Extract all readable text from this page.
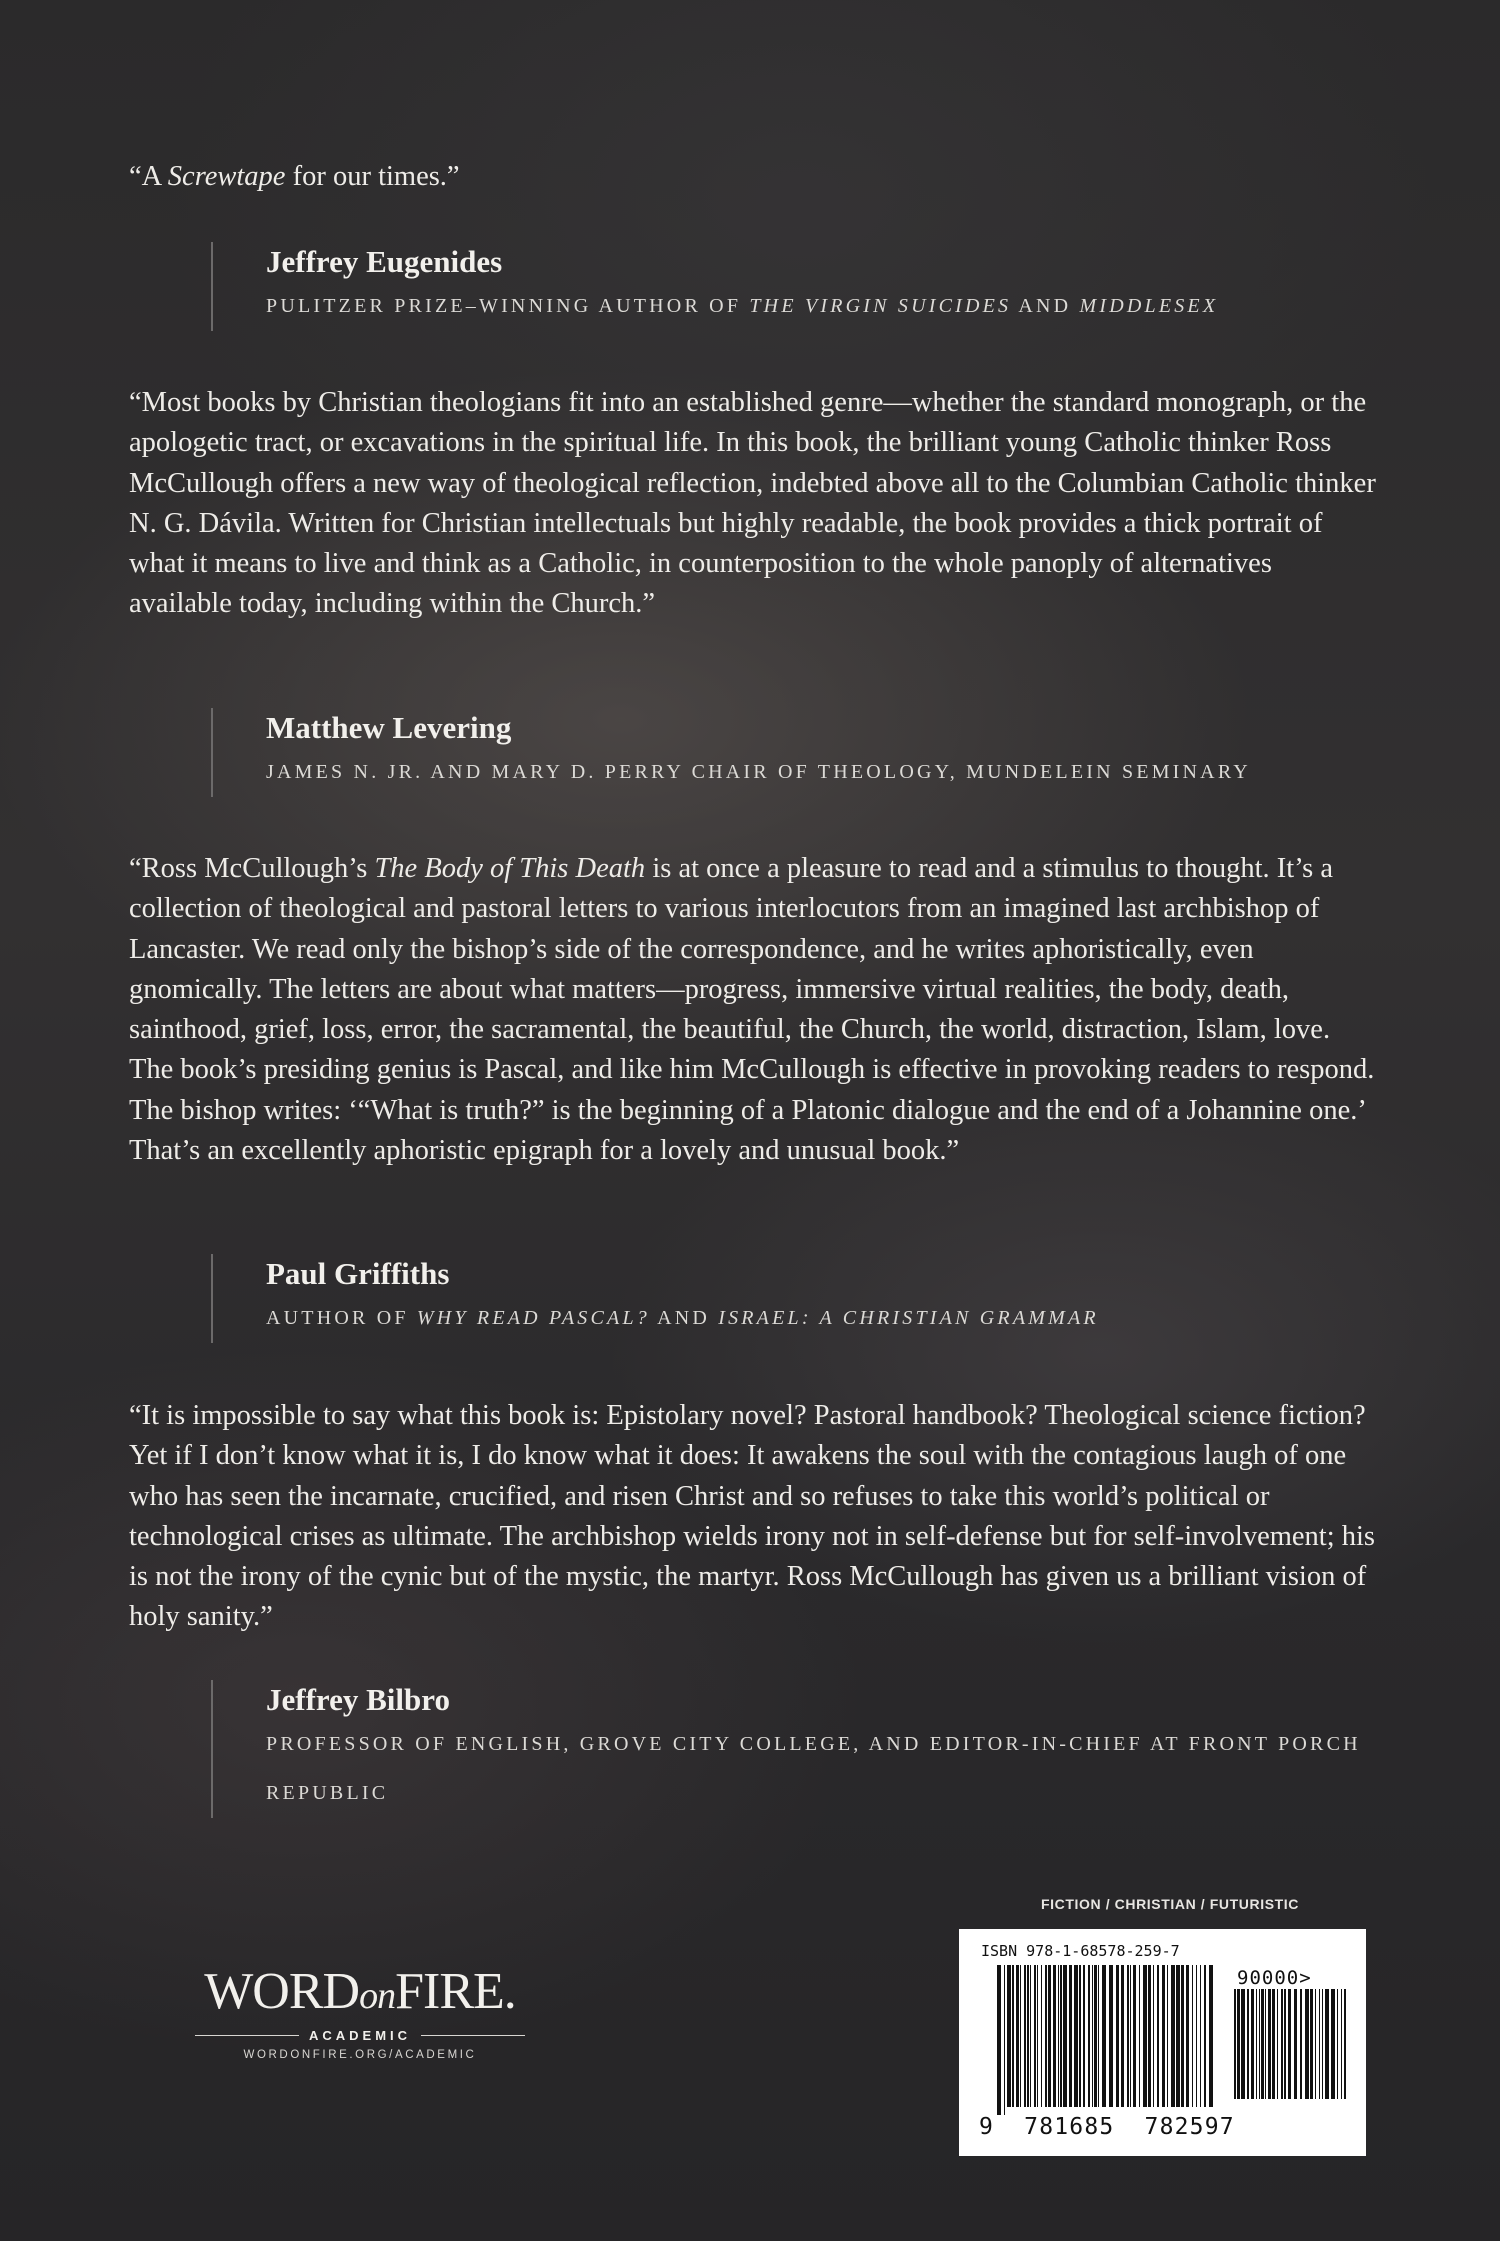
“A Screwtape for our times.”

Jeffrey Eugenides

PULITZER PRIZE–WINNING AUTHOR OF THE VIRGIN SUICIDES AND MIDDLESEX

“Most books by Christian theologians fit into an established genre—whether the standard monograph, or the apologetic tract, or excavations in the spiritual life. In this book, the brilliant young Catholic thinker Ross McCullough offers a new way of theological reflection, indebted above all to the Columbian Catholic thinker N. G. Dávila. Written for Christian intellectuals but highly readable, the book provides a thick portrait of what it means to live and think as a Catholic, in counterposition to the whole panoply of alternatives available today, including within the Church.”

Matthew Levering

JAMES N. JR. AND MARY D. PERRY CHAIR OF THEOLOGY, MUNDELEIN SEMINARY

“Ross McCullough’s The Body of This Death is at once a pleasure to read and a stimulus to thought. It’s a collection of theological and pastoral letters to various interlocutors from an imagined last archbishop of Lancaster. We read only the bishop’s side of the correspondence, and he writes aphoristically, even gnomically. The letters are about what matters—progress, immersive virtual realities, the body, death, sainthood, grief, loss, error, the sacramental, the beautiful, the Church, the world, distraction, Islam, love. The book’s presiding genius is Pascal, and like him McCullough is effective in provoking readers to respond. The bishop writes: ‘“What is truth?” is the beginning of a Platonic dialogue and the end of a Johannine one.’ That’s an excellently aphoristic epigraph for a lovely and unusual book.”

Paul Griffiths

AUTHOR OF WHY READ PASCAL? AND ISRAEL: A CHRISTIAN GRAMMAR

“It is impossible to say what this book is: Epistolary novel? Pastoral handbook? Theological science fiction? Yet if I don’t know what it is, I do know what it does: It awakens the soul with the contagious laugh of one who has seen the incarnate, crucified, and risen Christ and so refuses to take this world’s political or technological crises as ultimate. The archbishop wields irony not in self-defense but for self-involvement; his is not the irony of the cynic but of the mystic, the martyr. Ross McCullough has given us a brilliant vision of holy sanity.”

Jeffrey Bilbro

PROFESSOR OF ENGLISH, GROVE CITY COLLEGE, AND EDITOR-IN-CHIEF AT FRONT PORCH REPUBLIC

WORDonFIRE.
ACADEMIC
WORDONFIRE.ORG/ACADEMIC
FICTION / CHRISTIAN / FUTURISTIC
ISBN 978-1-68578-259-7
90000>
9  781685  782597
